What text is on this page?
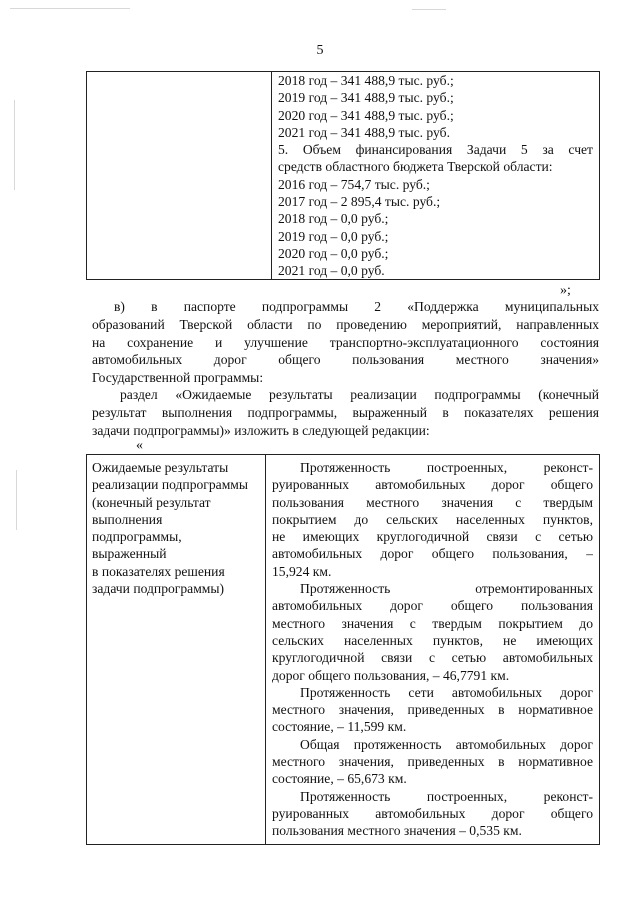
5
2018 год – 341 488,9 тыс. руб.;
2019 год – 341 488,9 тыс. руб.;
2020 год – 341 488,9 тыс. руб.;
2021 год – 341 488,9 тыс. руб.
5. Объем финансирования Задачи 5 за счет
средств областного бюджета Тверской области:
2016 год – 754,7 тыс. руб.;
2017 год – 2 895,4 тыс. руб.;
2018 год – 0,0 руб.;
2019 год – 0,0 руб.;
2020 год – 0,0 руб.;
2021 год – 0,0 руб.
»;
в) в паспорте подпрограммы 2 «Поддержка муниципальных
образований Тверской области по проведению мероприятий, направленных
на сохранение и улучшение транспортно-эксплуатационного состояния
автомобильных дорог общего пользования местного значения»
Государственной программы:
раздел «Ожидаемые результаты реализации подпрограммы (конечный
результат выполнения подпрограммы, выраженный в показателях решения
задачи подпрограммы)» изложить в следующей редакции:
«
Ожидаемые результаты
реализации подпрограммы
(конечный результат
выполнения
подпрограммы,
выраженный
в показателях решения
задачи подпрограммы)
Протяженность построенных, реконст-
руированных автомобильных дорог общего
пользования местного значения с твердым
покрытием до сельских населенных пунктов,
не имеющих круглогодичной связи с сетью
автомобильных дорог общего пользования, –
15,924 км.
Протяженность отремонтированных
автомобильных дорог общего пользования
местного значения с твердым покрытием до
сельских населенных пунктов, не имеющих
круглогодичной связи с сетью автомобильных
дорог общего пользования, – 46,7791 км.
Протяженность сети автомобильных дорог
местного значения, приведенных в нормативное
состояние, – 11,599 км.
Общая протяженность автомобильных дорог
местного значения, приведенных в нормативное
состояние, – 65,673 км.
Протяженность построенных, реконст-
руированных автомобильных дорог общего
пользования местного значения – 0,535 км.
